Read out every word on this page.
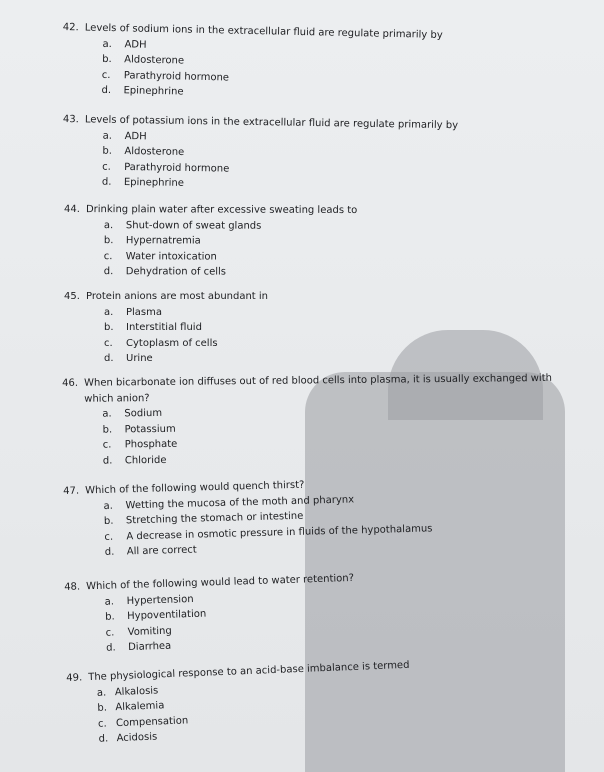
42. Levels of sodium ions in the extracellular fluid are regulate primarily by
a. ADH
b. Aldosterone
c. Parathyroid hormone
d. Epinephrine
43. Levels of potassium ions in the extracellular fluid are regulate primarily by
a. ADH
b. Aldosterone
c. Parathyroid hormone
d. Epinephrine
44. Drinking plain water after excessive sweating leads to
a. Shut-down of sweat glands
b. Hypernatremia
c. Water intoxication
d. Dehydration of cells
45. Protein anions are most abundant in
a. Plasma
b. Interstitial fluid
c. Cytoplasm of cells
d. Urine
46. When bicarbonate ion diffuses out of red blood cells into plasma, it is usually exchanged with
which anion?
a. Sodium
b. Potassium
c. Phosphate
d. Chloride
47. Which of the following would quench thirst?
a. Wetting the mucosa of the moth and pharynx
b. Stretching the stomach or intestine
c. A decrease in osmotic pressure in fluids of the hypothalamus
d. All are correct
48. Which of the following would lead to water retention?
a. Hypertension
b. Hypoventilation
c. Vomiting
d. Diarrhea
49. The physiological response to an acid-base imbalance is termed
a. Alkalosis
b. Alkalemia
c. Compensation
d. Acidosis
